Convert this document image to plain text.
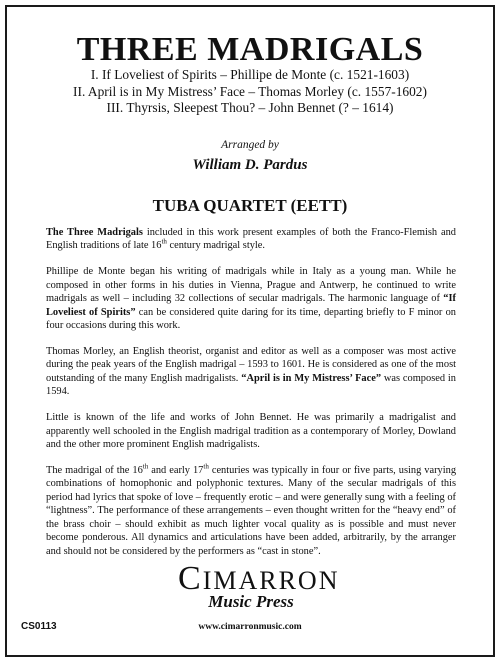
THREE MADRIGALS
I. If Loveliest of Spirits – Phillipe de Monte (c. 1521-1603)
II. April is in My Mistress’ Face – Thomas Morley (c. 1557-1602)
III. Thyrsis, Sleepest Thou? – John Bennet (? – 1614)
Arranged by
William D. Pardus
TUBA QUARTET (EETT)

The Three Madrigals included in this work present examples of both the Franco-Flemish and English traditions of late 16th century madrigal style.

Phillipe de Monte began his writing of madrigals while in Italy as a young man. While he composed in other forms in his duties in Vienna, Prague and Antwerp, he continued to write madrigals as well – including 32 collections of secular madrigals. The harmonic language of “If Loveliest of Spirits” can be considered quite daring for its time, departing briefly to F minor on four occasions during this work.

Thomas Morley, an English theorist, organist and editor as well as a composer was most active during the peak years of the English madrigal – 1593 to 1601. He is considered as one of the most outstanding of the many English madrigalists. “April is in My Mistress’ Face” was composed in 1594.

Little is known of the life and works of John Bennet. He was primarily a madrigalist and apparently well schooled in the English madrigal tradition as a contemporary of Morley, Dowland and the other more prominent English madrigalists.

The madrigal of the 16th and early 17th centuries was typically in four or five parts, using varying combinations of homophonic and polyphonic textures. Many of the secular madrigals of this period had lyrics that spoke of love – frequently erotic – and were generally sung with a feeling of “lightness”. The performance of these arrangements – even thought written for the “heavy end” of the brass choir – should exhibit as much lighter vocal quality as is possible and must never become ponderous. All dynamics and articulations have been added, arbitrarily, by the arranger and should not be considered by the performers as “cast in stone”.

CIMARRON
Music Press
www.cimarronmusic.com
CS0113
